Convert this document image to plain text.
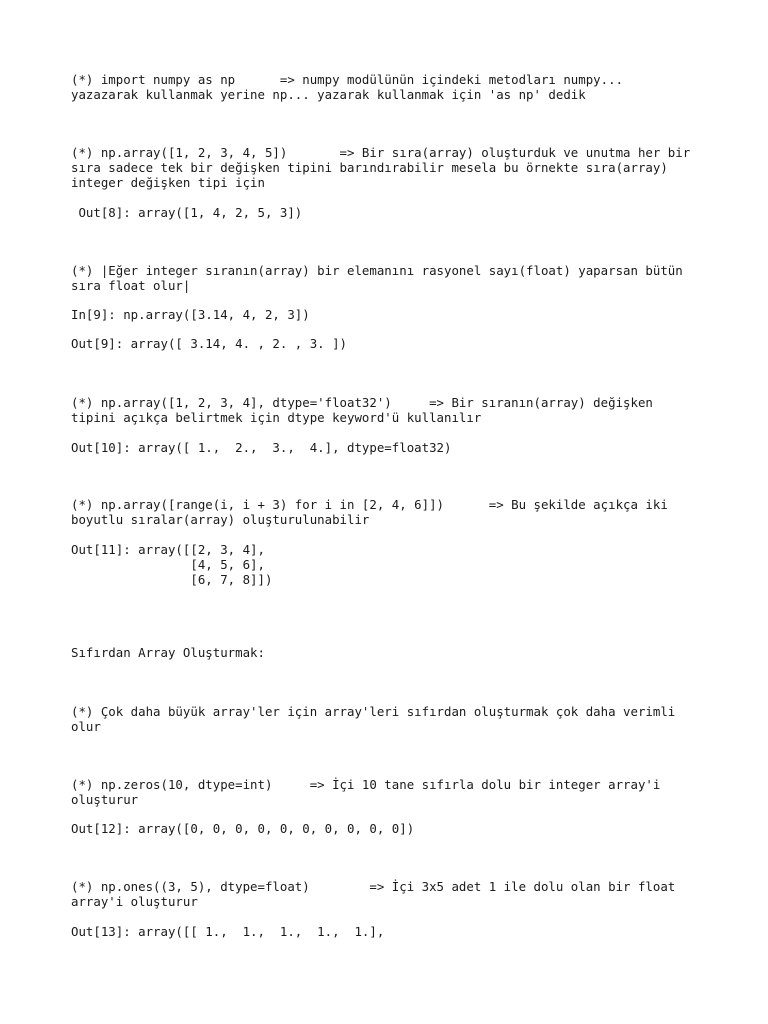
(*) import numpy as np      => numpy modülünün içindeki metodları numpy...

yazazarak kullanmak yerine np... yazarak kullanmak için 'as np' dedik

(*) np.array([1, 2, 3, 4, 5])       => Bir sıra(array) oluşturduk ve unutma her bir

sıra sadece tek bir değişken tipini barındırabilir mesela bu örnekte sıra(array)

integer değişken tipi için

Out[8]: array([1, 4, 2, 5, 3])

(*) |Eğer integer sıranın(array) bir elemanını rasyonel sayı(float) yaparsan bütün

sıra float olur|

In[9]: np.array([3.14, 4, 2, 3])

Out[9]: array([ 3.14, 4. , 2. , 3. ])

(*) np.array([1, 2, 3, 4], dtype='float32')     => Bir sıranın(array) değişken

tipini açıkça belirtmek için dtype keyword'ü kullanılır

Out[10]: array([ 1.,  2.,  3.,  4.], dtype=float32)

(*) np.array([range(i, i + 3) for i in [2, 4, 6]])      => Bu şekilde açıkça iki

boyutlu sıralar(array) oluşturulunabilir

Out[11]: array([[2, 3, 4],

[4, 5, 6],

[6, 7, 8]])

Sıfırdan Array Oluşturmak:

(*) Çok daha büyük array'ler için array'leri sıfırdan oluşturmak çok daha verimli

olur

(*) np.zeros(10, dtype=int)     => İçi 10 tane sıfırla dolu bir integer array'i

oluşturur

Out[12]: array([0, 0, 0, 0, 0, 0, 0, 0, 0, 0])

(*) np.ones((3, 5), dtype=float)        => İçi 3x5 adet 1 ile dolu olan bir float

array'i oluşturur

Out[13]: array([[ 1.,  1.,  1.,  1.,  1.],
